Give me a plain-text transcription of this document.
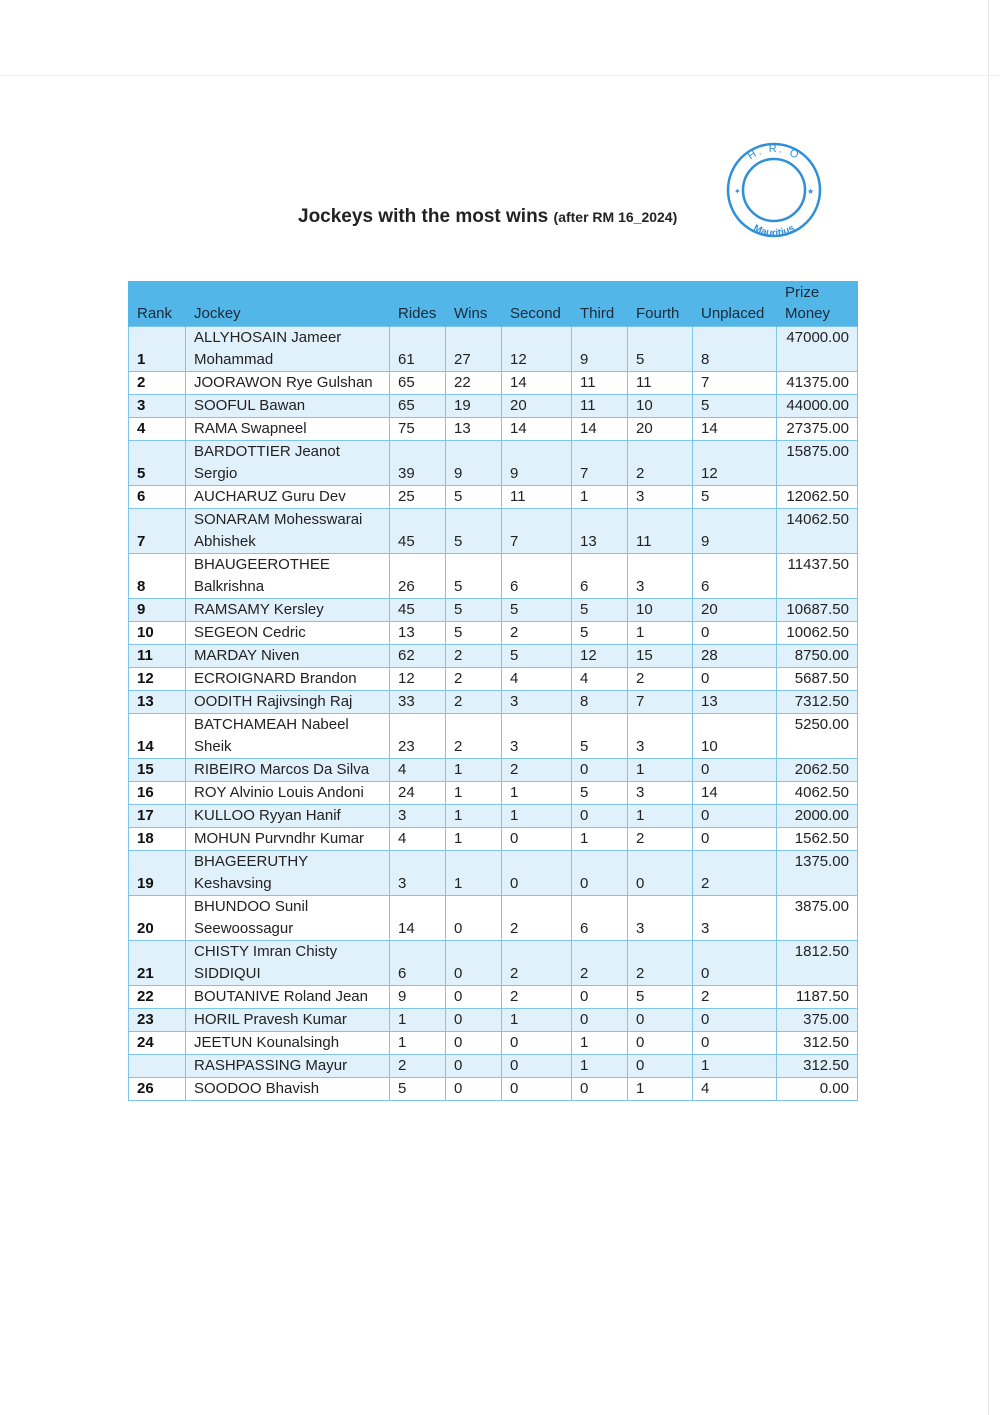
Jockeys with the most wins (after RM 16_2024)
H. R. O
Mauritius
✦	★
Rank	Jockey	Rides	Wins	Second	Third	Fourth	Unplaced	Prize
Money
1	ALLYHOSAIN Jameer Mohammad	61	27	12	9	5	8	47000.00
2	JOORAWON Rye Gulshan	65	22	14	11	11	7	41375.00
3	SOOFUL Bawan	65	19	20	11	10	5	44000.00
4	RAMA Swapneel	75	13	14	14	20	14	27375.00
5	BARDOTTIER Jeanot Sergio	39	9	9	7	2	12	15875.00
6	AUCHARUZ Guru Dev	25	5	11	1	3	5	12062.50
7	SONARAM Mohesswarai Abhishek	45	5	7	13	11	9	14062.50
8	BHAUGEEROTHEE Balkrishna	26	5	6	6	3	6	11437.50
9	RAMSAMY Kersley	45	5	5	5	10	20	10687.50
10	SEGEON Cedric	13	5	2	5	1	0	10062.50
11	MARDAY Niven	62	2	5	12	15	28	8750.00
12	ECROIGNARD Brandon	12	2	4	4	2	0	5687.50
13	OODITH Rajivsingh Raj	33	2	3	8	7	13	7312.50
14	BATCHAMEAH Nabeel Sheik	23	2	3	5	3	10	5250.00
15	RIBEIRO Marcos Da Silva	4	1	2	0	1	0	2062.50
16	ROY Alvinio Louis Andoni	24	1	1	5	3	14	4062.50
17	KULLOO Ryyan Hanif	3	1	1	0	1	0	2000.00
18	MOHUN Purvndhr Kumar	4	1	0	1	2	0	1562.50
19	BHAGEERUTHY Keshavsing	3	1	0	0	0	2	1375.00
20	BHUNDOO Sunil Seewoossagur	14	0	2	6	3	3	3875.00
21	CHISTY Imran Chisty SIDDIQUI	6	0	2	2	2	0	1812.50
22	BOUTANIVE Roland Jean	9	0	2	0	5	2	1187.50
23	HORIL Pravesh Kumar	1	0	1	0	0	0	375.00
24	JEETUN Kounalsingh	1	0	0	1	0	0	312.50
	RASHPASSING Mayur	2	0	0	1	0	1	312.50
26	SOODOO Bhavish	5	0	0	0	1	4	0.00
